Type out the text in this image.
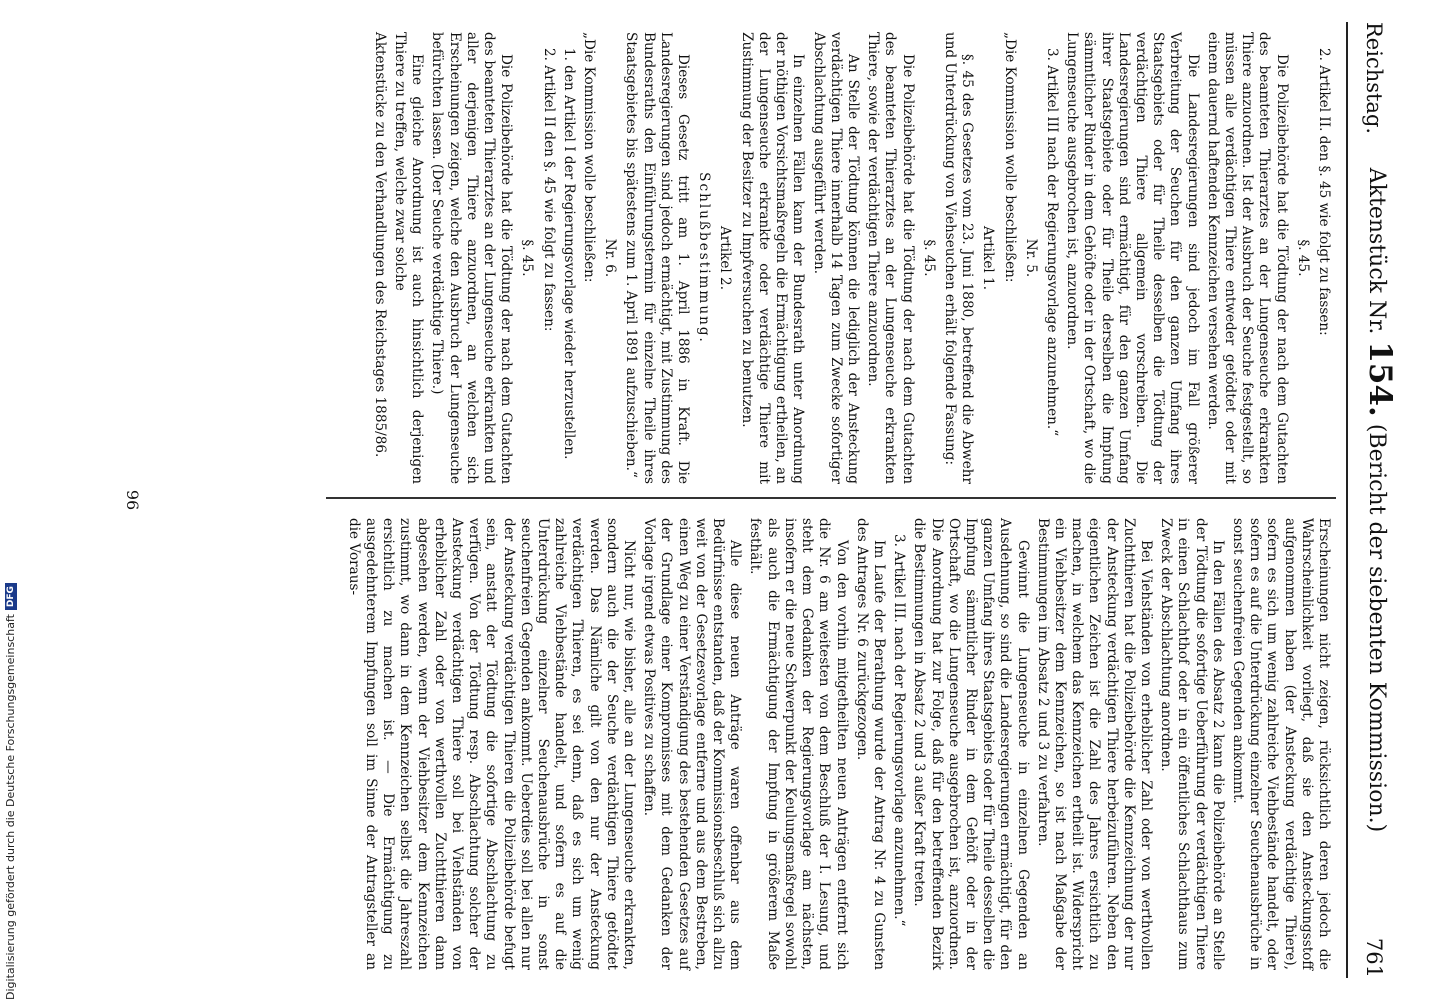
Reichstag.
Aktenstück Nr. 154. (Bericht der siebenten Kommission.)
761

2. Artikel II. den §. 45 wie folgt zu fassen:

§. 45.

Die Polizeibehörde hat die Tödtung der nach dem Gutachten des beamteten Thierarztes an der Lungenseuche erkrankten Thiere anzuordnen. Ist der Ausbruch der Seuche festgestellt, so müssen alle verdächtigen Thiere entweder getödtet oder mit einem dauernd haftenden Kennzeichen versehen werden.

Die Landesregierungen sind jedoch im Fall größerer Verbreitung der Seuchen für den ganzen Umfang ihres Staatsgebiets oder für Theile desselben die Tödtung der verdächtigen Thiere allgemein vorschreiben. Die Landesregierungen sind ermächtigt, für den ganzen Umfang ihrer Staatsgebiete oder für Theile derselben die Impfung sämmtlicher Rinder in dem Gehöfte oder in der Ortschaft, wo die Lungenseuche ausgebrochen ist, anzuordnen.

3. Artikel III nach der Regierungsvorlage anzunehmen.“

Nr. 5.

„Die Kommission wolle beschließen:

Artikel 1.

§. 45 des Gesetzes vom 23. Juni 1880, betreffend die Abwehr und Unterdrückung von Viehseuchen erhält folgende Fassung:

§. 45.

Die Polizeibehörde hat die Tödtung der nach dem Gutachten des beamteten Thierarztes an der Lungenseuche erkrankten Thiere, sowie der verdächtigen Thiere anzuordnen.

An Stelle der Tödtung können die lediglich der Ansteckung verdächtigen Thiere innerhalb 14 Tagen zum Zwecke sofortiger Abschlachtung ausgeführt werden.

In einzelnen Fällen kann der Bundesrath unter Anordnung der nöthigen Vorsichtsmaßregeln die Ermächtigung ertheilen, an der Lungenseuche erkrankte oder verdächtige Thiere mit Zustimmung der Besitzer zu Impfversuchen zu benutzen.

Artikel 2.

Schlußbestimmung.

Dieses Gesetz tritt am 1. April 1886 in Kraft. Die Landesregierungen sind jedoch ermächtigt, mit Zustimmung des Bundesraths den Einführungstermin für einzelne Theile ihres Staatsgebietes bis spätestens zum 1. April 1891 aufzuschieben.“

Nr. 6.

„Die Kommission wolle beschließen:

1. den Artikel I der Regierungsvorlage wieder herzustellen.

2. Artikel II den §. 45 wie folgt zu fassen:

§. 45.

Die Polizeibehörde hat die Tödtung der nach dem Gutachten des beamteten Thierarztes an der Lungenseuche erkrankten und aller derjenigen Thiere anzuordnen, an welchen sich Erscheinungen zeigen, welche den Ausbruch der Lungenseuche befürchten lassen. (Der Seuche verdächtige Thiere.)

Eine gleiche Anordnung ist auch hinsichtlich derjenigen Thiere zu treffen, welche zwar solche

Aktenstücke zu den Verhandlungen des Reichstages 1885/86.

Erscheinungen nicht zeigen, rücksichtlich deren jedoch die Wahrscheinlichkeit vorliegt, daß sie den Ansteckungsstoff aufgenommen haben (der Ansteckung verdächtige Thiere), sofern es sich um wenig zahlreiche Viehbestände handelt, oder sofern es auf die Unterdrückung einzelner Seuchenausbrüche in sonst seuchenfreien Gegenden ankommt.

In den Fällen des Absatz 2 kann die Polizeibehörde an Stelle der Tödtung die sofortige Ueberführung der verdächtigen Thiere in einen Schlachthof oder in ein öffentliches Schlachthaus zum Zweck der Abschlachtung anordnen.

Bei Viehständen von erheblicher Zahl oder von werthvollen Zuchtthieren hat die Polizeibehörde die Kennzeichnung der nur der Ansteckung verdächtigen Thiere herbeizuführen. Neben den eigentlichen Zeichen ist die Zahl des Jahres ersichtlich zu machen, in welchem das Kennzeichen ertheilt ist. Widerspricht ein Viehbesitzer dem Kennzeichen, so ist nach Maßgabe der Bestimmungen im Absatz 2 und 3 zu verfahren.

Gewinnt die Lungenseuche in einzelnen Gegenden an Ausdehnung, so sind die Landesregierungen ermächtigt, für den ganzen Umfang ihres Staatsgebiets oder für Theile desselben die Impfung sämmtlicher Rinder in dem Gehöft oder in der Ortschaft, wo die Lungenseuche ausgebrochen ist, anzuordnen. Die Anordnung hat zur Folge, daß für den betreffenden Bezirk die Bestimmungen in Absatz 2 und 3 außer Kraft treten.

3. Artikel III. nach der Regierungsvorlage anzunehmen.“

Im Laufe der Berathung wurde der Antrag Nr. 4 zu Gunsten des Antrages Nr. 6 zurückgezogen.

Von den vorhin mitgetheilten neuen Anträgen entfernt sich die Nr. 6 am weitesten von dem Beschluß der I. Lesung, und steht dem Gedanken der Regierungsvorlage am nächsten, insofern er die neue Schwerpunkt der Keulungsmaßregel sowohl als auch die Ermächtigung der Impfung in größerem Maße festhält.

Alle diese neuen Anträge waren offenbar aus dem Bedürfnisse entstanden, daß der Kommissionsbeschluß sich allzu weit von der Gesetzesvorlage entferne und aus dem Bestreben, einen Weg zu einer Verständigung des bestehenden Gesetzes auf der Grundlage einer Kompromisses mit dem Gedanken der Vorlage irgend etwas Positives zu schaffen.

Nicht nur, wie bisher, alle an der Lungenseuche erkrankten, sondern auch die der Seuche verdächtigen Thiere getödtet werden. Das Nämliche gilt von den nur der Ansteckung verdächtigen Thieren, es sei denn, daß es sich um wenig zahlreiche Viehbestände handelt, und sofern es auf die Unterdrückung einzelner Seuchenausbrüche in sonst seuchenfreien Gegenden ankommt. Ueberdies soll bei allen nur der Ansteckung verdächtigen Thieren die Polizeibehörde befugt sein, anstatt der Tödtung die sofortige Abschlachtung zu verfügen. Von der Tödtung resp. Abschlachtung solcher der Ansteckung verdächtigen Thiere soll bei Viehständen von erheblicher Zahl oder von werthvollen Zuchtthieren dann abgesehen werden, wenn der Viehbesitzer dem Kennzeichen zustimmt, wo dann in dem Kennzeichen selbst die Jahreszahl ersichtlich zu machen ist. — Die Ermächtigung zu ausgedehnterem Impfungen soll im Sinne der Antragsteller an die Voraus-

96
Digitalisierung gefördert durch die Deutsche Forschungsgemeinschaft
DFG
